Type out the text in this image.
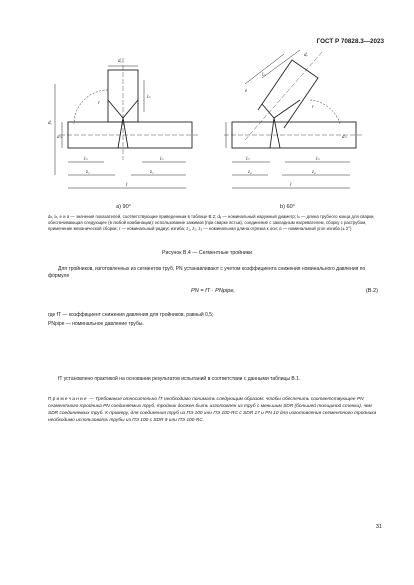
ГОСТ Р 70828.3—2023
dₑ
lₙ
r
dₙ
dₑ
lₙ	lₙ
z₁	z₁
l
dₑ
lₙ
e
r
dₙ
lₙ	lₙ
z₂	z₂
l
a) 90°	b) 60°
dₙ, lₙ, e и α — значения показателей, соответствующие приведенным в таблице В.2; dₑ — номинальный наружный диаметр; lₙ — длина трубного конца для сварки, обеспечивающая следующее (в любой комбинации): использование зажимов (при сварке встык), соединение с закладным нагревателем, сборку с раструбом, применение механической сборки; r — номинальный радиус изгиба; z₁, z₂, z₃ — номинальная длина отрезка к оси; α — номинальный угол изгиба (± 2°)
Рисунок В.4 — Сегментные тройники
Для тройников, изготовленных из сегментов труб, PN устанавливают с учетом коэффициента снижения номинального давления по формуле
PN = fT · PNpipe,	(В.2)
где fT — коэффициент снижения давления для тройников, равный 0,5;
PNpipe — номинальное давление трубы.
fT установлено практикой на основании результатов испытаний в соответствии с данными таблицы В.1.
Примечание — Требования относительно fT необходимо понимать следующим образом: чтобы обеспечить соответствующее PN сегментного тройника PN соединяемых труб, тройник должен быть изготовлен из труб с меньшим SDR (большей толщиной стенки), чем SDR соединяемых труб. К примеру, для соединения труб из ПЭ 100 или ПЭ 100-RC с SDR 17 и PN 10 для изготовления сегментного тройника необходимо использовать трубы из ПЭ 100 с SDR 9 или ПЭ 100-RC.
31
